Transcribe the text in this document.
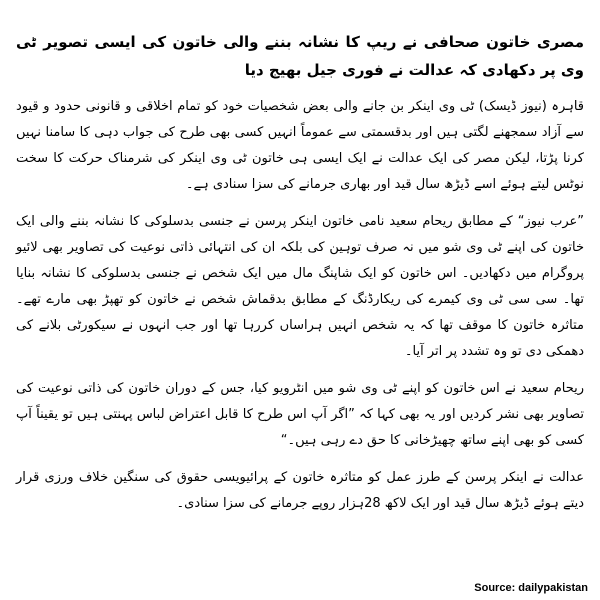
مصری خاتون صحافی نے ریپ کا نشانہ بننے والی خاتون کی ایسی تصویر ٹی وی پر دکھادی کہ عدالت نے فوری جیل بھیج دیا

قاہرہ (نیوز ڈیسک) ٹی وی اینکر بن جانے والی بعض شخصیات خود کو تمام اخلاقی و قانونی حدود و قیود سے آزاد سمجھنے لگتی ہیں اور بدقسمتی سے عموماً انہیں کسی بھی طرح کی جواب دہی کا سامنا نہیں کرنا پڑتا، لیکن مصر کی ایک عدالت نے ایک ایسی ہی خاتون ٹی وی اینکر کی شرمناک حرکت کا سخت نوٹس لیتے ہوئے اسے ڈیڑھ سال قید اور بھاری جرمانے کی سزا سنادی ہے۔

”عرب نیوز“ کے مطابق ریحام سعید نامی خاتون اینکر پرسن نے جنسی بدسلوکی کا نشانہ بننے والی ایک خاتون کی اپنے ٹی وی شو میں نہ صرف توہین کی بلکہ ان کی انتہائی ذاتی نوعیت کی تصاویر بھی لائیو پروگرام میں دکھادیں۔ اس خاتون کو ایک شاپنگ مال میں ایک شخص نے جنسی بدسلوکی کا نشانہ بنایا تھا۔ سی سی ٹی وی کیمرے کی ریکارڈنگ کے مطابق بدقماش شخص نے خاتون کو تھپڑ بھی مارے تھے۔ متاثرہ خاتون کا موقف تھا کہ یہ شخص انہیں ہراساں کررہا تھا اور جب انہوں نے سیکورٹی بلانے کی دھمکی دی تو وہ تشدد پر اتر آیا۔

ریحام سعید نے اس خاتون کو اپنے ٹی وی شو میں انٹرویو کیا، جس کے دوران خاتون کی ذاتی نوعیت کی تصاویر بھی نشر کردیں اور یہ بھی کہا کہ ”اگر آپ اس طرح کا قابل اعتراض لباس پہنتی ہیں تو یقیناً آپ کسی کو بھی اپنے ساتھ چھیڑخانی کا حق دے رہی ہیں۔“

عدالت نے اینکر پرسن کے طرز عمل کو متاثرہ خاتون کے پرائیویسی حقوق کی سنگین خلاف ورزی قرار دیتے ہوئے ڈیڑھ سال قید اور ایک لاکھ 28ہزار روپے جرمانے کی سزا سنادی۔

Source: dailypakistan
